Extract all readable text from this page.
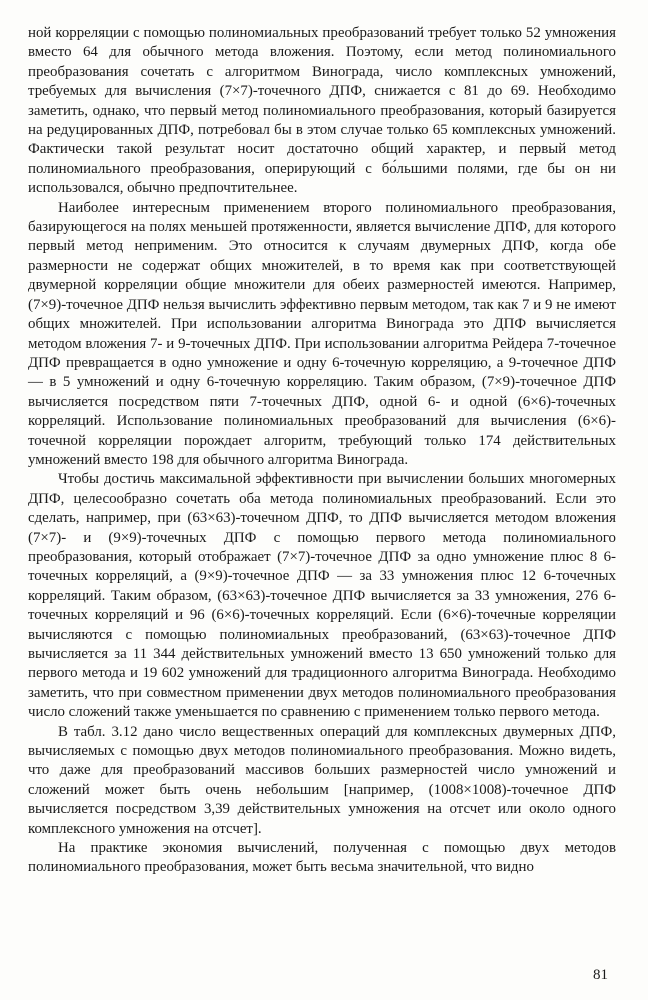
ной корреляции с помощью полиномиальных преобразований требует только 52 умножения вместо 64 для обычного метода вложения. Поэтому, если метод полиномиального преобразования сочетать с алгоритмом Винограда, число комплексных умножений, требуемых для вычисления (7×7)-точечного ДПФ, снижается с 81 до 69. Необходимо заметить, однако, что первый метод полиномиального преобразования, который базируется на редуцированных ДПФ, потребовал бы в этом случае только 65 комплексных умножений. Фактически такой результат носит достаточно общий характер, и первый метод полиномиального преобразования, оперирующий с бо́льшими полями, где бы он ни использовался, обычно предпочтительнее.

Наиболее интересным применением второго полиномиального преобразования, базирующегося на полях меньшей протяженности, является вычисление ДПФ, для которого первый метод неприменим. Это относится к случаям двумерных ДПФ, когда обе размерности не содержат общих множителей, в то время как при соответствующей двумерной корреляции общие множители для обеих размерностей имеются. Например, (7×9)-точечное ДПФ нельзя вычислить эффективно первым методом, так как 7 и 9 не имеют общих множителей. При использовании алгоритма Винограда это ДПФ вычисляется методом вложения 7- и 9-точечных ДПФ. При использовании алгоритма Рейдера 7-точечное ДПФ превращается в одно умножение и одну 6-точечную корреляцию, а 9-точечное ДПФ — в 5 умножений и одну 6-точечную корреляцию. Таким образом, (7×9)-точечное ДПФ вычисляется посредством пяти 7-точечных ДПФ, одной 6- и одной (6×6)-точечных корреляций. Использование полиномиальных преобразований для вычисления (6×6)-точечной корреляции порождает алгоритм, требующий только 174 действительных умножений вместо 198 для обычного алгоритма Винограда.

Чтобы достичь максимальной эффективности при вычислении больших многомерных ДПФ, целесообразно сочетать оба метода полиномиальных преобразований. Если это сделать, например, при (63×63)-точечном ДПФ, то ДПФ вычисляется методом вложения (7×7)- и (9×9)-точечных ДПФ с помощью первого метода полиномиального преобразования, который отображает (7×7)-точечное ДПФ за одно умножение плюс 8 6-точечных корреляций, а (9×9)-точечное ДПФ — за 33 умножения плюс 12 6-точечных корреляций. Таким образом, (63×63)-точечное ДПФ вычисляется за 33 умножения, 276 6-точечных корреляций и 96 (6×6)-точечных корреляций. Если (6×6)-точечные корреляции вычисляются с помощью полиномиальных преобразований, (63×63)-точечное ДПФ вычисляется за 11 344 действительных умножений вместо 13 650 умножений только для первого метода и 19 602 умножений для традиционного алгоритма Винограда. Необходимо заметить, что при совместном применении двух методов полиномиального преобразования число сложений также уменьшается по сравнению с применением только первого метода.

В табл. 3.12 дано число вещественных операций для комплексных двумерных ДПФ, вычисляемых с помощью двух методов полиномиального преобразования. Можно видеть, что даже для преобразований массивов больших размерностей число умножений и сложений может быть очень небольшим [например, (1008×1008)-точечное ДПФ вычисляется посредством 3,39 действительных умножения на отсчет или около одного комплексного умножения на отсчет].

На практике экономия вычислений, полученная с помощью двух методов полиномиального преобразования, может быть весьма значительной, что видно

81
